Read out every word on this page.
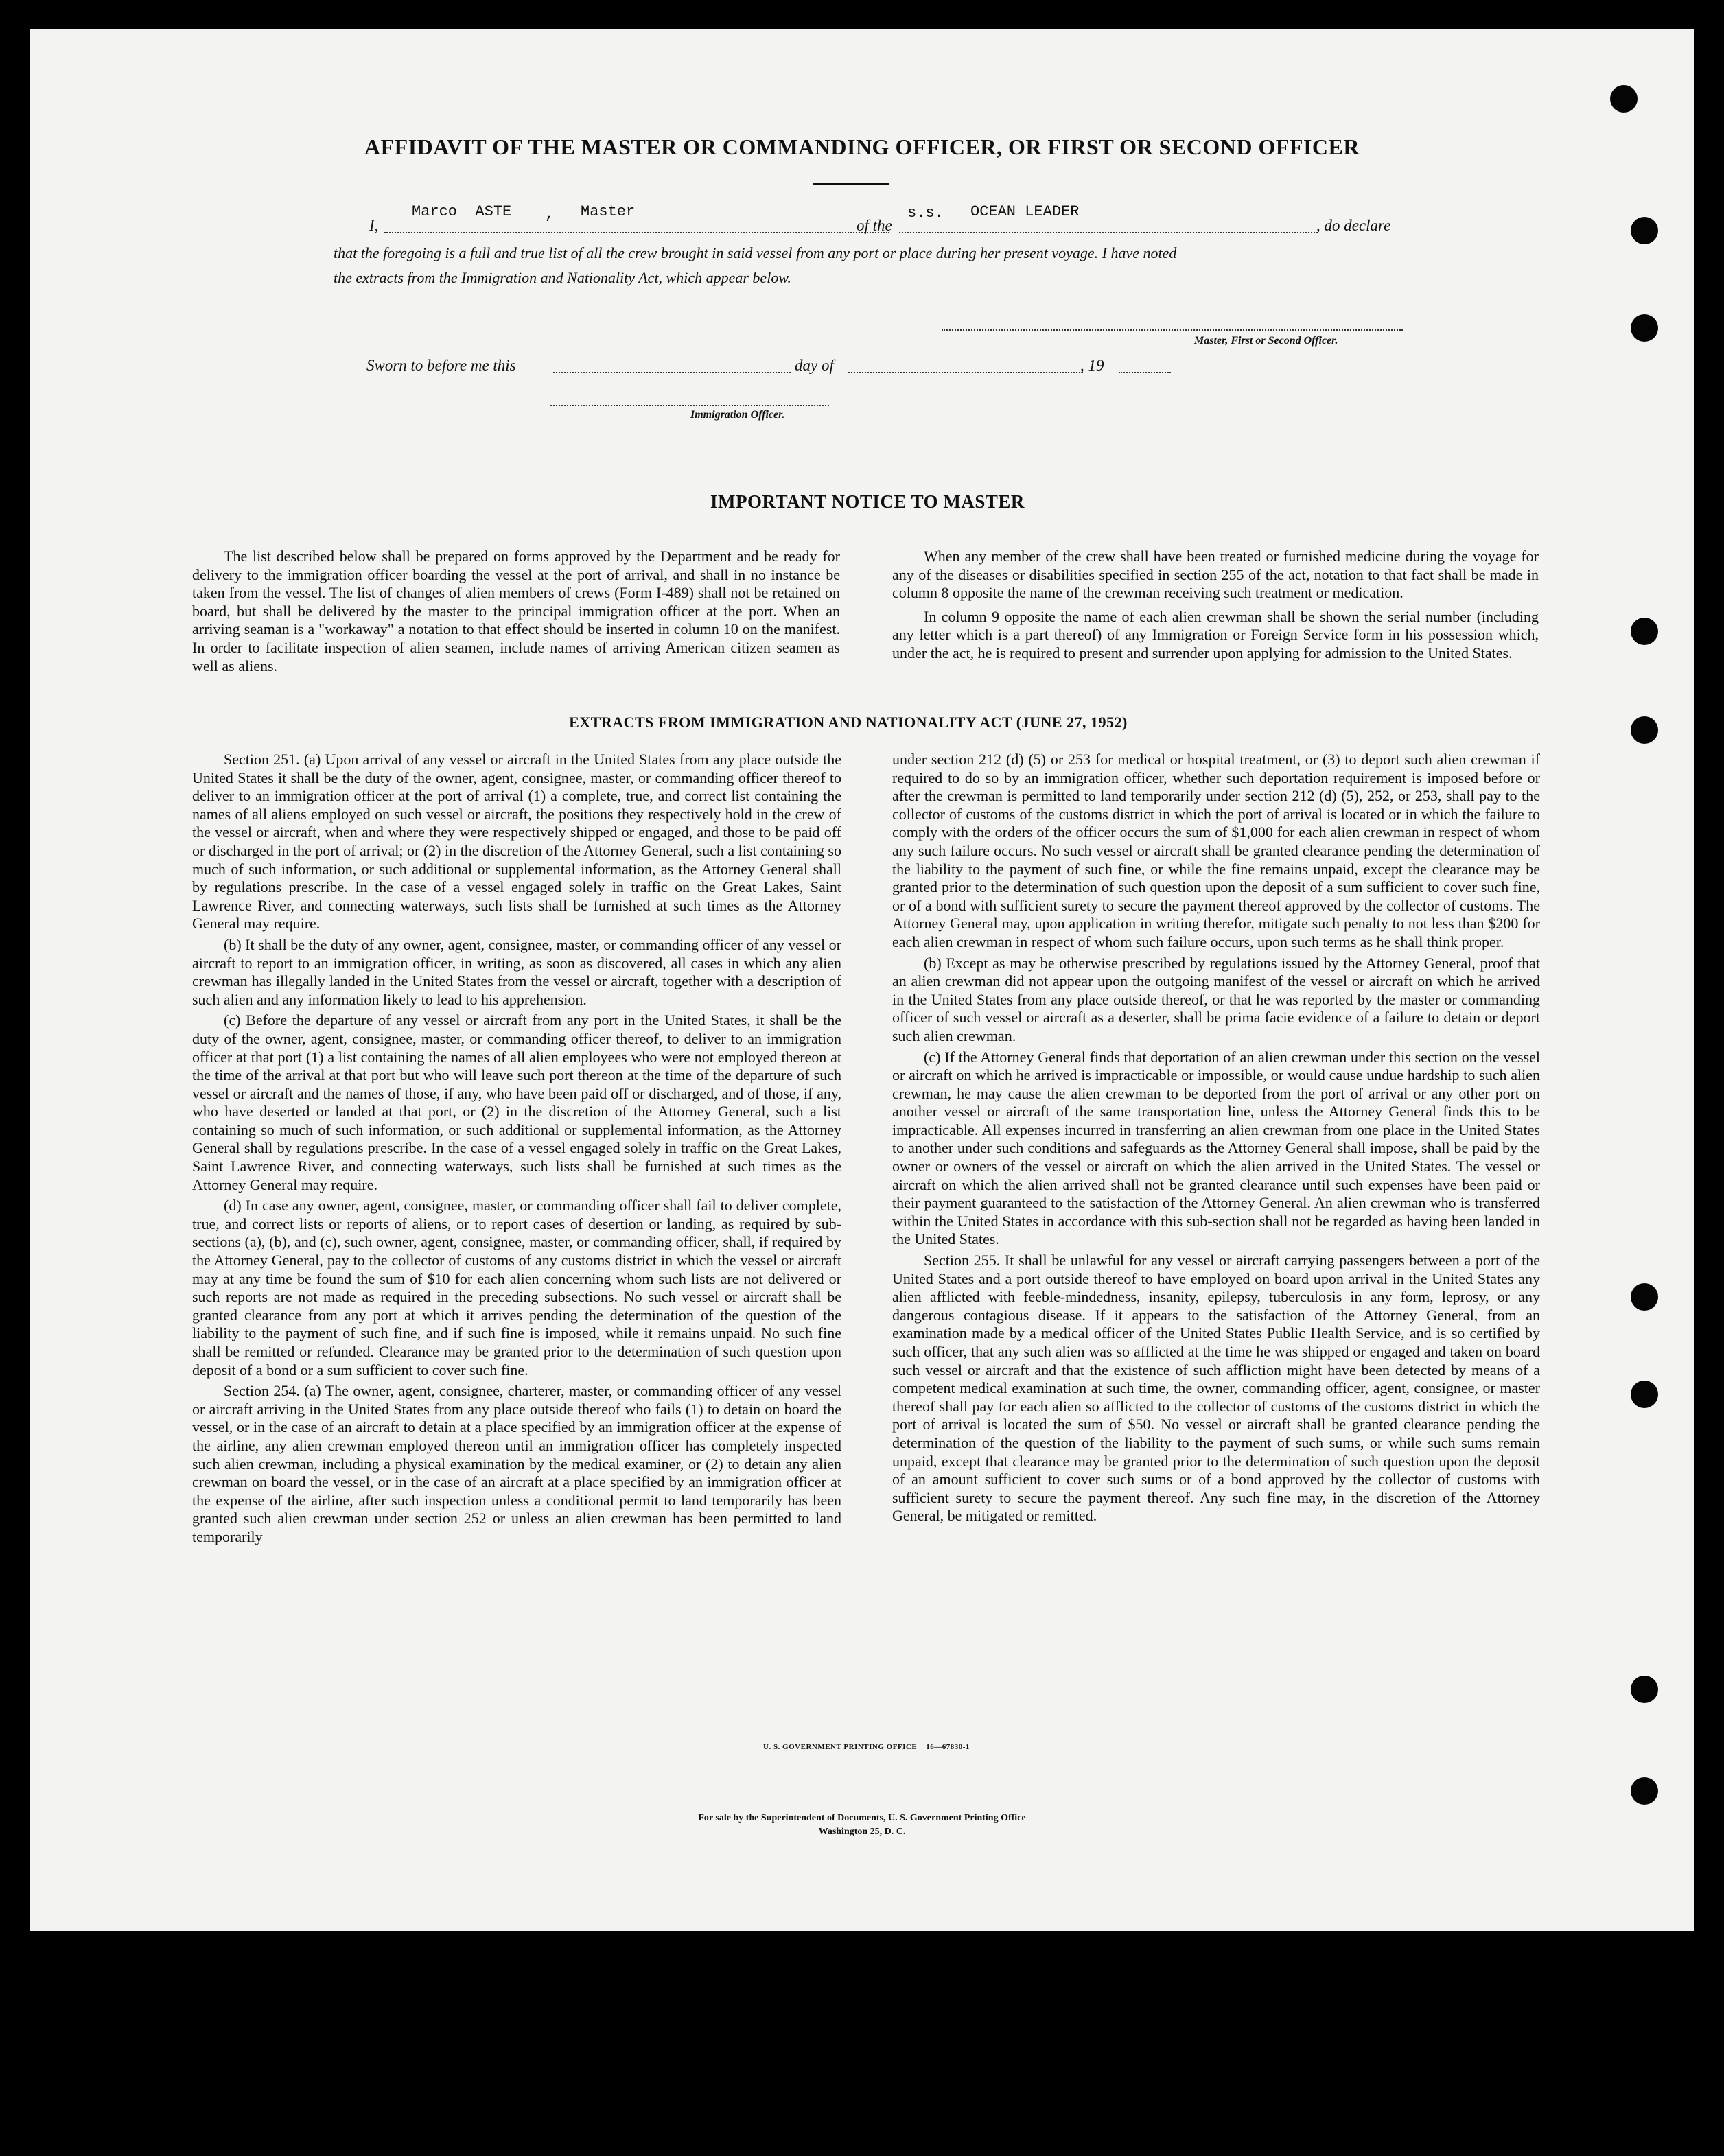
AFFIDAVIT OF THE MASTER OR COMMANDING OFFICER, OR FIRST OR SECOND OFFICER
I,
Marco  ASTE , Master
of the
s.s. OCEAN LEADER
, do declare
that the foregoing is a full and true list of all the crew brought in said vessel from any port or place during her present voyage. I have noted
the extracts from the Immigration and Nationality Act, which appear below.
Master, First or Second Officer.
Sworn to before me this	day of	, 19
Immigration Officer.
IMPORTANT NOTICE TO MASTER

The list described below shall be prepared on forms approved by the Department and be ready for delivery to the immigration officer boarding the vessel at the port of arrival, and shall in no instance be taken from the vessel. The list of changes of alien members of crews (Form I-489) shall not be retained on board, but shall be delivered by the master to the principal immigration officer at the port. When an arriving seaman is a "workaway" a notation to that effect should be inserted in column 10 on the manifest. In order to facilitate inspection of alien seamen, include names of arriving American citizen seamen as well as aliens.

When any member of the crew shall have been treated or furnished medicine during the voyage for any of the diseases or disabilities specified in section 255 of the act, notation to that fact shall be made in column 8 opposite the name of the crewman receiving such treatment or medication.

In column 9 opposite the name of each alien crewman shall be shown the serial number (including any letter which is a part thereof) of any Immigration or Foreign Service form in his possession which, under the act, he is required to present and surrender upon applying for admission to the United States.

EXTRACTS FROM IMMIGRATION AND NATIONALITY ACT (JUNE 27, 1952)

Section 251. (a) Upon arrival of any vessel or aircraft in the United States from any place outside the United States it shall be the duty of the owner, agent, consignee, master, or commanding officer thereof to deliver to an immigration officer at the port of arrival (1) a complete, true, and correct list containing the names of all aliens employed on such vessel or aircraft, the positions they respectively hold in the crew of the vessel or aircraft, when and where they were respectively shipped or engaged, and those to be paid off or discharged in the port of arrival; or (2) in the discretion of the Attorney General, such a list containing so much of such information, or such additional or supplemental information, as the Attorney General shall by regulations prescribe. In the case of a vessel engaged solely in traffic on the Great Lakes, Saint Lawrence River, and connecting waterways, such lists shall be furnished at such times as the Attorney General may require.

(b) It shall be the duty of any owner, agent, consignee, master, or commanding officer of any vessel or aircraft to report to an immigration officer, in writing, as soon as discovered, all cases in which any alien crewman has illegally landed in the United States from the vessel or aircraft, together with a description of such alien and any information likely to lead to his apprehension.

(c) Before the departure of any vessel or aircraft from any port in the United States, it shall be the duty of the owner, agent, consignee, master, or commanding officer thereof, to deliver to an immigration officer at that port (1) a list containing the names of all alien employees who were not employed thereon at the time of the arrival at that port but who will leave such port thereon at the time of the departure of such vessel or aircraft and the names of those, if any, who have been paid off or discharged, and of those, if any, who have deserted or landed at that port, or (2) in the discretion of the Attorney General, such a list containing so much of such information, or such additional or supplemental information, as the Attorney General shall by regulations prescribe. In the case of a vessel engaged solely in traffic on the Great Lakes, Saint Lawrence River, and connecting waterways, such lists shall be furnished at such times as the Attorney General may require.

(d) In case any owner, agent, consignee, master, or commanding officer shall fail to deliver complete, true, and correct lists or reports of aliens, or to report cases of desertion or landing, as required by sub-sections (a), (b), and (c), such owner, agent, consignee, master, or commanding officer, shall, if required by the Attorney General, pay to the collector of customs of any customs district in which the vessel or aircraft may at any time be found the sum of $10 for each alien concerning whom such lists are not delivered or such reports are not made as required in the preceding subsections. No such vessel or aircraft shall be granted clearance from any port at which it arrives pending the determination of the question of the liability to the payment of such fine, and if such fine is imposed, while it remains unpaid. No such fine shall be remitted or refunded. Clearance may be granted prior to the determination of such question upon deposit of a bond or a sum sufficient to cover such fine.

Section 254. (a) The owner, agent, consignee, charterer, master, or commanding officer of any vessel or aircraft arriving in the United States from any place outside thereof who fails (1) to detain on board the vessel, or in the case of an aircraft to detain at a place specified by an immigration officer at the expense of the airline, any alien crewman employed thereon until an immigration officer has completely inspected such alien crewman, including a physical examination by the medical examiner, or (2) to detain any alien crewman on board the vessel, or in the case of an aircraft at a place specified by an immigration officer at the expense of the airline, after such inspection unless a conditional permit to land temporarily has been granted such alien crewman under section 252 or unless an alien crewman has been permitted to land temporarily

under section 212 (d) (5) or 253 for medical or hospital treatment, or (3) to deport such alien crewman if required to do so by an immigration officer, whether such deportation requirement is imposed before or after the crewman is permitted to land temporarily under section 212 (d) (5), 252, or 253, shall pay to the collector of customs of the customs district in which the port of arrival is located or in which the failure to comply with the orders of the officer occurs the sum of $1,000 for each alien crewman in respect of whom any such failure occurs. No such vessel or aircraft shall be granted clearance pending the determination of the liability to the payment of such fine, or while the fine remains unpaid, except the clearance may be granted prior to the determination of such question upon the deposit of a sum sufficient to cover such fine, or of a bond with sufficient surety to secure the payment thereof approved by the collector of customs. The Attorney General may, upon application in writing therefor, mitigate such penalty to not less than $200 for each alien crewman in respect of whom such failure occurs, upon such terms as he shall think proper.

(b) Except as may be otherwise prescribed by regulations issued by the Attorney General, proof that an alien crewman did not appear upon the outgoing manifest of the vessel or aircraft on which he arrived in the United States from any place outside thereof, or that he was reported by the master or commanding officer of such vessel or aircraft as a deserter, shall be prima facie evidence of a failure to detain or deport such alien crewman.

(c) If the Attorney General finds that deportation of an alien crewman under this section on the vessel or aircraft on which he arrived is impracticable or impossible, or would cause undue hardship to such alien crewman, he may cause the alien crewman to be deported from the port of arrival or any other port on another vessel or aircraft of the same transportation line, unless the Attorney General finds this to be impracticable. All expenses incurred in transferring an alien crewman from one place in the United States to another under such conditions and safeguards as the Attorney General shall impose, shall be paid by the owner or owners of the vessel or aircraft on which the alien arrived in the United States. The vessel or aircraft on which the alien arrived shall not be granted clearance until such expenses have been paid or their payment guaranteed to the satisfaction of the Attorney General. An alien crewman who is transferred within the United States in accordance with this sub-section shall not be regarded as having been landed in the United States.

Section 255. It shall be unlawful for any vessel or aircraft carrying passengers between a port of the United States and a port outside thereof to have employed on board upon arrival in the United States any alien afflicted with feeble-mindedness, insanity, epilepsy, tuberculosis in any form, leprosy, or any dangerous contagious disease. If it appears to the satisfaction of the Attorney General, from an examination made by a medical officer of the United States Public Health Service, and is so certified by such officer, that any such alien was so afflicted at the time he was shipped or engaged and taken on board such vessel or aircraft and that the existence of such affliction might have been detected by means of a competent medical examination at such time, the owner, commanding officer, agent, consignee, or master thereof shall pay for each alien so afflicted to the collector of customs of the customs district in which the port of arrival is located the sum of $50. No vessel or aircraft shall be granted clearance pending the determination of the question of the liability to the payment of such sums, or while such sums remain unpaid, except that clearance may be granted prior to the determination of such question upon the deposit of an amount sufficient to cover such sums or of a bond approved by the collector of customs with sufficient surety to secure the payment thereof. Any such fine may, in the discretion of the Attorney General, be mitigated or remitted.

U. S. GOVERNMENT PRINTING OFFICE    16—67830-1
For sale by the Superintendent of Documents, U. S. Government Printing Office
Washington 25, D. C.
